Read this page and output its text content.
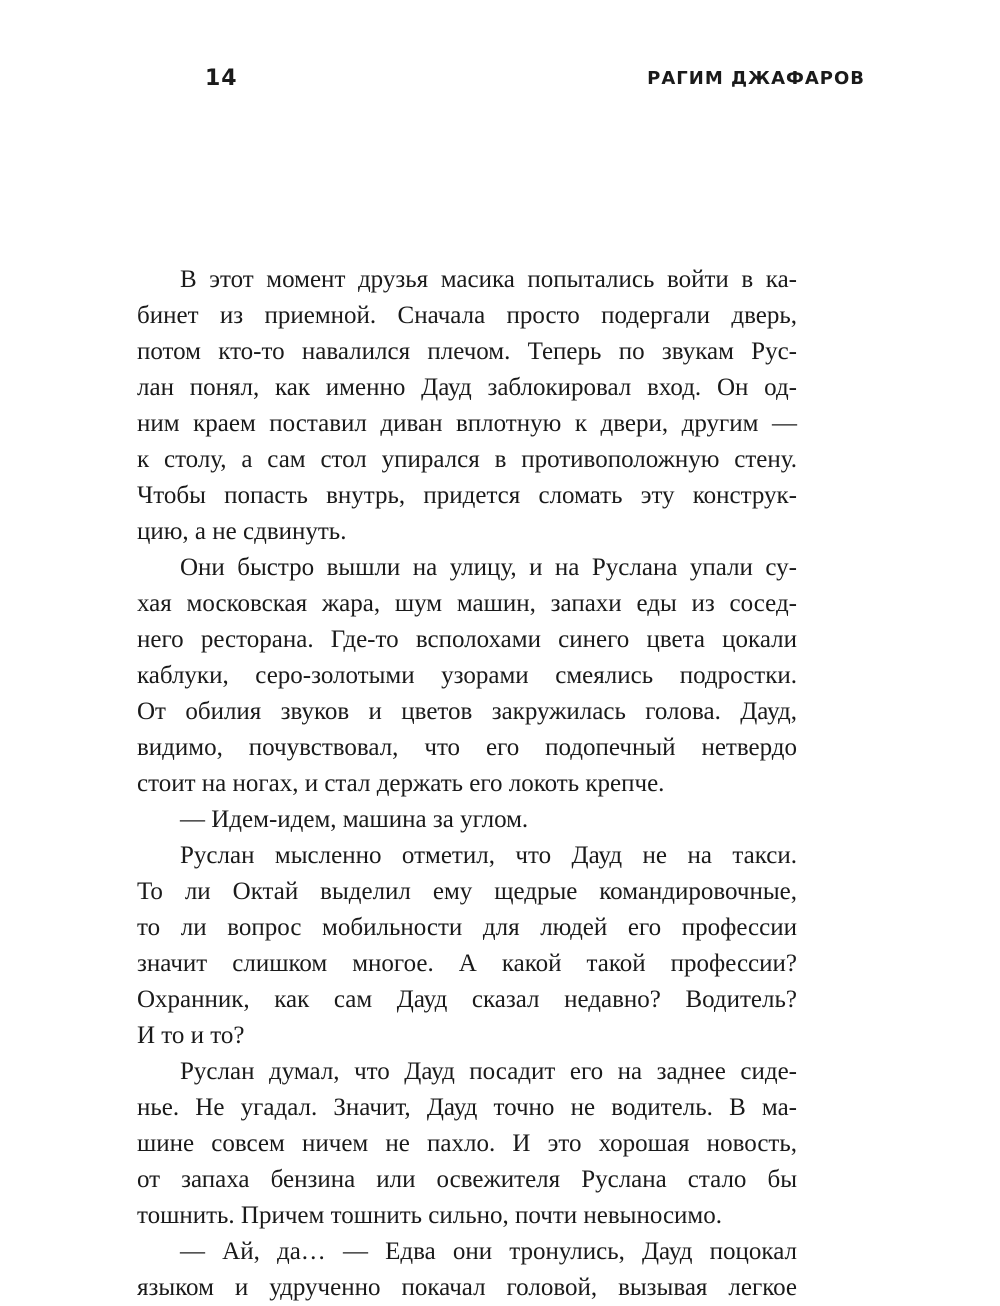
14	РАГИМ ДЖАФАРОВ
В этот момент друзья масика попытались войти в ка-
бинет из приемной. Сначала просто подергали дверь,
потом кто-то навалился плечом. Теперь по звукам Рус-
лан понял, как именно Дауд заблокировал вход. Он од-
ним краем поставил диван вплотную к двери, другим —
к столу, а сам стол упирался в противоположную стену.
Чтобы попасть внутрь, придется сломать эту конструк-
цию, а не сдвинуть.
Они быстро вышли на улицу, и на Руслана упали су-
хая московская жара, шум машин, запахи еды из сосед-
него ресторана. Где-то всполохами синего цвета цокали
каблуки, серо-золотыми узорами смеялись подростки.
От обилия звуков и цветов закружилась голова. Дауд,
видимо, почувствовал, что его подопечный нетвердо
стоит на ногах, и стал держать его локоть крепче.
— Идем-идем, машина за углом.
Руслан мысленно отметил, что Дауд не на такси.
То ли Октай выделил ему щедрые командировочные,
то ли вопрос мобильности для людей его профессии
значит слишком многое. А какой такой профессии?
Охранник, как сам Дауд сказал недавно? Водитель?
И то и то?
Руслан думал, что Дауд посадит его на заднее сиде-
нье. Не угадал. Значит, Дауд точно не водитель. В ма-
шине совсем ничем не пахло. И это хорошая новость,
от запаха бензина или освежителя Руслана стало бы
тошнить. Причем тошнить сильно, почти невыносимо.
— Ай, да… — Едва они тронулись, Дауд поцокал
языком и удрученно покачал головой, вызывая легкое
